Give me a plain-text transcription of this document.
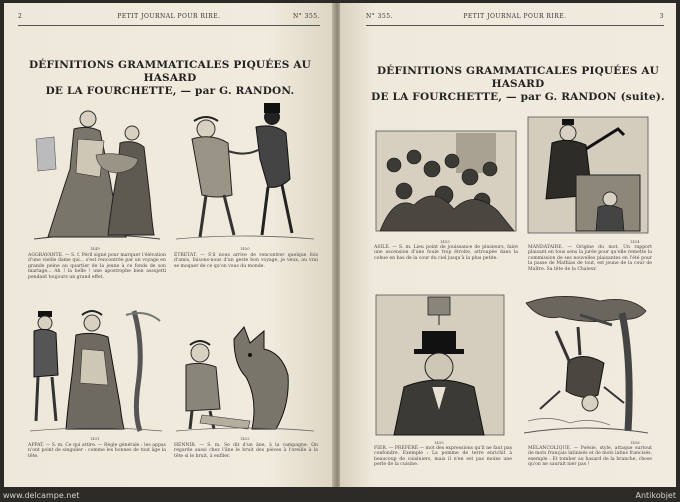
2	PETIT JOURNAL POUR RIRE.	N° 355.
DÉFINITIONS GRAMMATICALES PIQUÉES AU HASARD
DE LA FOURCHETTE, — par G. RANDON.
1449
AGGRAVANTE. — S. f. Péril signé pour marquer l'élévation d'une vieille dame qui... s'est rencontrée par un voyage en grande peine au quartier de la jeune à ce fonds de son mariage... Ah ! la belle ! une apostrophe bien assujetti pendant toujours un grand effet.
1450
ÉTRETAT. — S'il nous arrive de rencontrer quelque fois d'amis, faisons-nous d'un geste bon voyage, je veux, au vrai se moquer de ce qu'on vous du monde.
1451
APPAT. — S. m. Ce qui attire. — Règle générale : les appas n'ont point de singulier : comme les bonnes de tout âge la tête.
1452
HENNIR. — S. m. Se dit d'un âne, à la campagne. On regarde aussi chez l'âne le bruit des pièces à l'oreille à la tête si le bruit, à enfiler.
N° 355.	PETIT JOURNAL POUR RIRE.	3
DÉFINITIONS GRAMMATICALES PIQUÉES AU HASARD
DE LA FOURCHETTE, — par G. RANDON (suite).
1453
ASILE. — S. m. Lieu point de jouissance de plusieurs, faire une ascension d'une foule trop étroite, attroupée dans la cohue en bas de la cour du ciel jusqu'à la plus petite.
1454
MANDATAIRE. — Origine du mot. Un rapport plaisant en tous sens la jurée pour qu'elle remette la commission de ses nouvelles plaisantes en l'été pour la passe de Mathias de tout, est jeune de la cour de Maître. Sa tête de la Chaleur.
1455
FIER. — PRÉFÉRÉ — mot des expressions qu'il ne faut pas confondre. Exemple : La pomme de terre enrichit à beaucoup de cuisiniers, mais il n'en est pas moins une perle de la cuisine.
1456
MÉLANCOLIQUE. — Poésie, style, attaque surtout de mots français latinisés et de mots latins francisés, exemple : Et tomber au hasard de la branche, chose qu'on ne saurait nier pas !
www.delcampe.net	Antikobjet
